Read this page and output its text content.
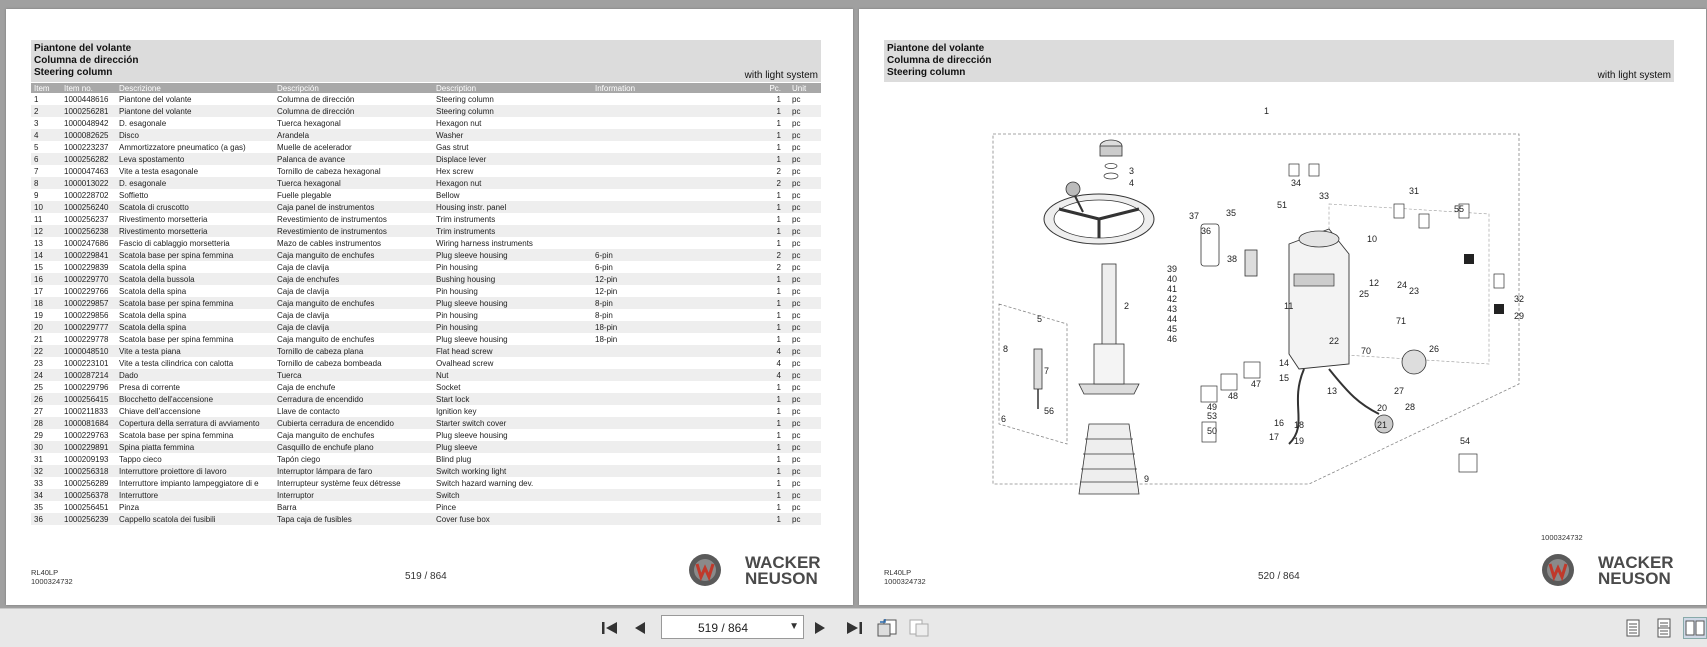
Piantone del volante
Columna de dirección
Steering column	with light system
Item	Item no.	Descrizione	Descripción	Description	Information	Pc.	Unit
1	1000448616	Piantone del volante	Columna de dirección	Steering column		1	pc
2	1000256281	Piantone del volante	Columna de dirección	Steering column		1	pc
3	1000048942	D. esagonale	Tuerca hexagonal	Hexagon nut		1	pc
4	1000082625	Disco	Arandela	Washer		1	pc
5	1000223237	Ammortizzatore pneumatico (a gas)	Muelle de acelerador	Gas strut		1	pc
6	1000256282	Leva spostamento	Palanca de avance	Displace lever		1	pc
7	1000047463	Vite a testa esagonale	Tornillo de cabeza hexagonal	Hex screw		2	pc
8	1000013022	D. esagonale	Tuerca hexagonal	Hexagon nut		2	pc
9	1000228702	Soffietto	Fuelle plegable	Bellow		1	pc
10	1000256240	Scatola di cruscotto	Caja panel de instrumentos	Housing instr. panel		1	pc
11	1000256237	Rivestimento morsetteria	Revestimiento de instrumentos	Trim instruments		1	pc
12	1000256238	Rivestimento morsetteria	Revestimiento de instrumentos	Trim instruments		1	pc
13	1000247686	Fascio di cablaggio morsetteria	Mazo de cables instrumentos	Wiring harness instruments		1	pc
14	1000229841	Scatola base per spina femmina	Caja manguito de enchufes	Plug sleeve housing	6-pin	2	pc
15	1000229839	Scatola della spina	Caja de clavija	Pin housing	6-pin	2	pc
16	1000229770	Scatola della bussola	Caja de enchufes	Bushing housing	12-pin	1	pc
17	1000229766	Scatola della spina	Caja de clavija	Pin housing	12-pin	1	pc
18	1000229857	Scatola base per spina femmina	Caja manguito de enchufes	Plug sleeve housing	8-pin	1	pc
19	1000229856	Scatola della spina	Caja de clavija	Pin housing	8-pin	1	pc
20	1000229777	Scatola della spina	Caja de clavija	Pin housing	18-pin	1	pc
21	1000229778	Scatola base per spina femmina	Caja manguito de enchufes	Plug sleeve housing	18-pin	1	pc
22	1000048510	Vite a testa piana	Tornillo de cabeza plana	Flat head screw		4	pc
23	1000223101	Vite a testa cilindrica con calotta	Tornillo de cabeza bombeada	Ovalhead screw		4	pc
24	1000287214	Dado	Tuerca	Nut		4	pc
25	1000229796	Presa di corrente	Caja de enchufe	Socket		1	pc
26	1000256415	Blocchetto dell'accensione	Cerradura de encendido	Start lock		1	pc
27	1000211833	Chiave dell'accensione	Llave de contacto	Ignition key		1	pc
28	1000081684	Copertura della serratura di avviamento	Cubierta cerradura de encendido	Starter switch cover		1	pc
29	1000229763	Scatola base per spina femmina	Caja manguito de enchufes	Plug sleeve housing		1	pc
30	1000229891	Spina piatta femmina	Casquillo de enchufe plano	Plug sleeve		1	pc
31	1000209193	Tappo cieco	Tapón ciego	Blind plug		1	pc
32	1000256318	Interruttore proiettore di lavoro	Interruptor lámpara de faro	Switch working light		1	pc
33	1000256289	Interruttore impianto lampeggiatore di e	Interrupteur système feux détresse	Switch hazard warning dev.		1	pc
34	1000256378	Interruttore	Interruptor	Switch		1	pc
35	1000256451	Pinza	Barra	Pince		1	pc
36	1000256239	Cappello scatola dei fusibili	Tapa caja de fusibles	Cover fuse box		1	pc
RL40LP
1000324732	519 / 864
WACKER
NEUSON
Piantone del volante
Columna de dirección
Steering column	with light system
1
2
3
4
5
6
7
8
9
10
11
12
13
14
15
16
17
18
19
20
21
22
23
24
25
26
27
28
29
31
32
33
34
35
36
37
38
39
40
41
42
43
44
45
46
47
48
49
50
51
53
54
55
56
70
71
1000324732
RL40LP
1000324732	520 / 864
WACKER
NEUSON
519 / 864
▼
